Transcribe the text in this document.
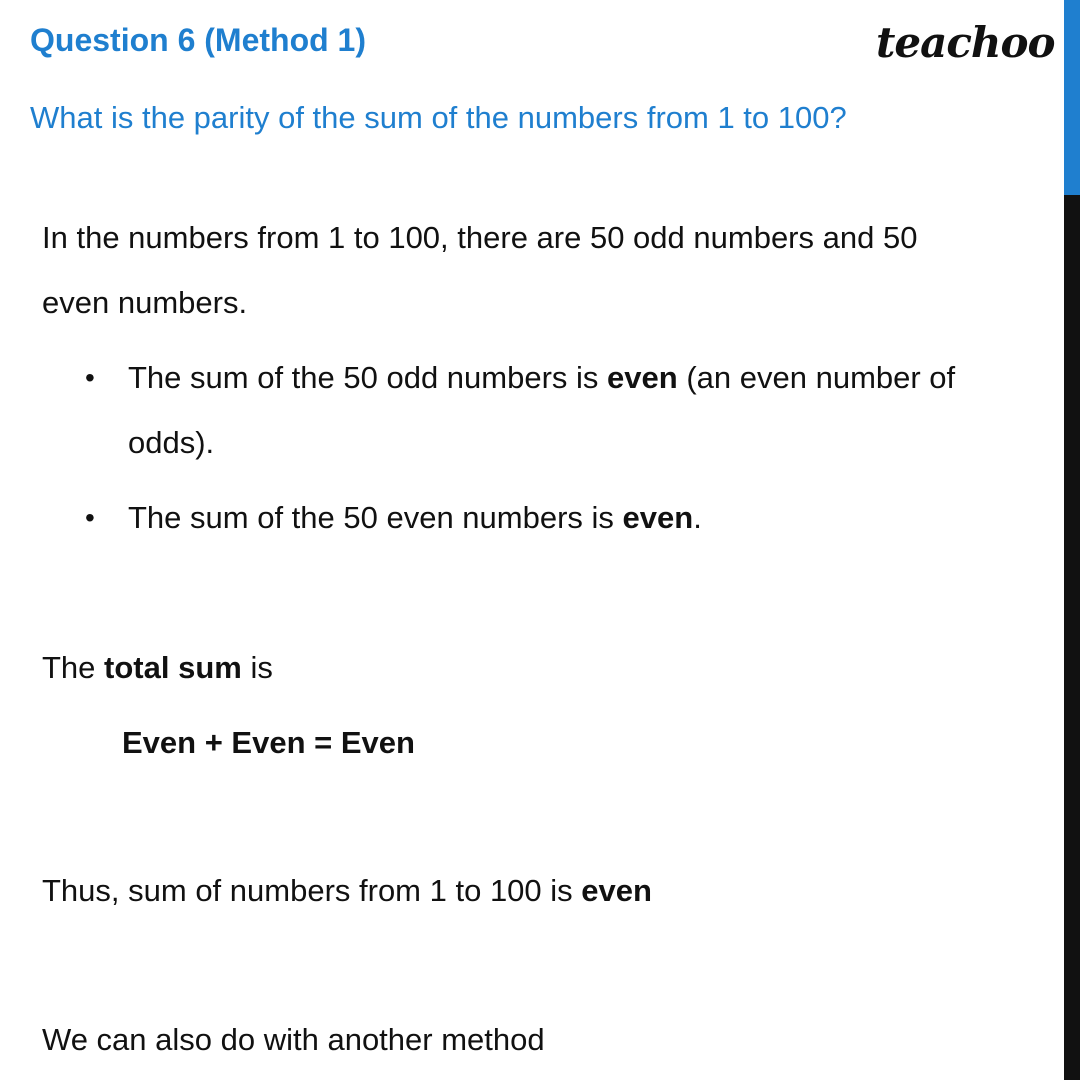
Question 6 (Method 1)	teachoo
What is the parity of the sum of the numbers from 1 to 100?
In the numbers from 1 to 100, there are 50 odd numbers and 50
even numbers.
• The sum of the 50 odd numbers is even (an even number of
odds).
• The sum of the 50 even numbers is even.
The total sum is
Even + Even = Even
Thus, sum of numbers from 1 to 100 is even
We can also do with another method
